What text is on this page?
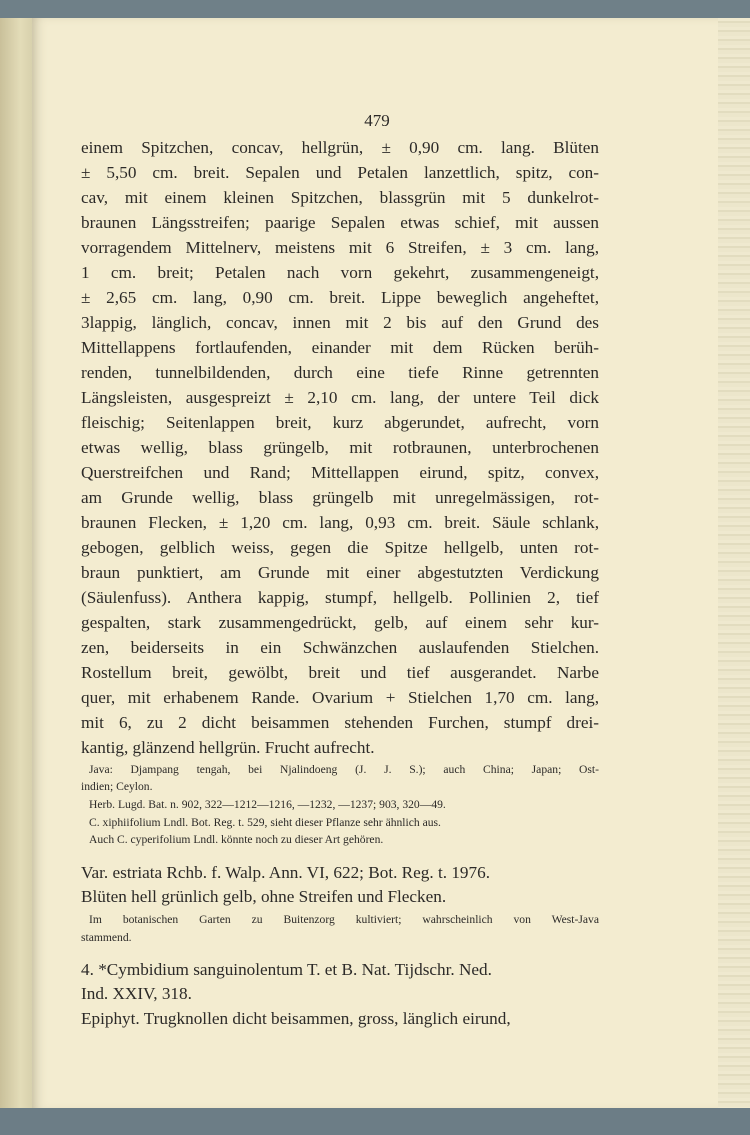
479
einem Spitzchen, concav, hellgrün, ± 0,90 cm. lang. Blüten
± 5,50 cm. breit. Sepalen und Petalen lanzettlich, spitz, con-
cav, mit einem kleinen Spitzchen, blassgrün mit 5 dunkelrot-
braunen Längsstreifen; paarige Sepalen etwas schief, mit aussen
vorragendem Mittelnerv, meistens mit 6 Streifen, ± 3 cm. lang,
1 cm. breit; Petalen nach vorn gekehrt, zusammengeneigt,
± 2,65 cm. lang, 0,90 cm. breit. Lippe beweglich angeheftet,
3lappig, länglich, concav, innen mit 2 bis auf den Grund des
Mittellappens fortlaufenden, einander mit dem Rücken berüh-
renden, tunnelbildenden, durch eine tiefe Rinne getrennten
Längsleisten, ausgespreizt ± 2,10 cm. lang, der untere Teil dick
fleischig; Seitenlappen breit, kurz abgerundet, aufrecht, vorn
etwas wellig, blass grüngelb, mit rotbraunen, unterbrochenen
Querstreifchen und Rand; Mittellappen eirund, spitz, convex,
am Grunde wellig, blass grüngelb mit unregelmässigen, rot-
braunen Flecken, ± 1,20 cm. lang, 0,93 cm. breit. Säule schlank,
gebogen, gelblich weiss, gegen die Spitze hellgelb, unten rot-
braun punktiert, am Grunde mit einer abgestutzten Verdickung
(Säulenfuss). Anthera kappig, stumpf, hellgelb. Pollinien 2, tief
gespalten, stark zusammengedrückt, gelb, auf einem sehr kur-
zen, beiderseits in ein Schwänzchen auslaufenden Stielchen.
Rostellum breit, gewölbt, breit und tief ausgerandet. Narbe
quer, mit erhabenem Rande. Ovarium + Stielchen 1,70 cm. lang,
mit 6, zu 2 dicht beisammen stehenden Furchen, stumpf drei-
kantig, glänzend hellgrün. Frucht aufrecht.
Java: Djampang tengah, bei Njalindoeng (J. J. S.); auch China; Japan; Ost-
indien; Ceylon.
Herb. Lugd. Bat. n. 902, 322—1212—1216, —1232, —1237; 903, 320—49.
C. xiphiifolium Lndl. Bot. Reg. t. 529, sieht dieser Pflanze sehr ähnlich aus.
Auch C. cyperifolium Lndl. könnte noch zu dieser Art gehören.
Var. estriata Rchb. f. Walp. Ann. VI, 622; Bot. Reg. t. 1976.
Blüten hell grünlich gelb, ohne Streifen und Flecken.
Im botanischen Garten zu Buitenzorg kultiviert; wahrscheinlich von West-Java
stammend.
4. *Cymbidium sanguinolentum T. et B. Nat. Tijdschr. Ned.
Ind. XXIV, 318.
Epiphyt. Trugknollen dicht beisammen, gross, länglich eirund,
